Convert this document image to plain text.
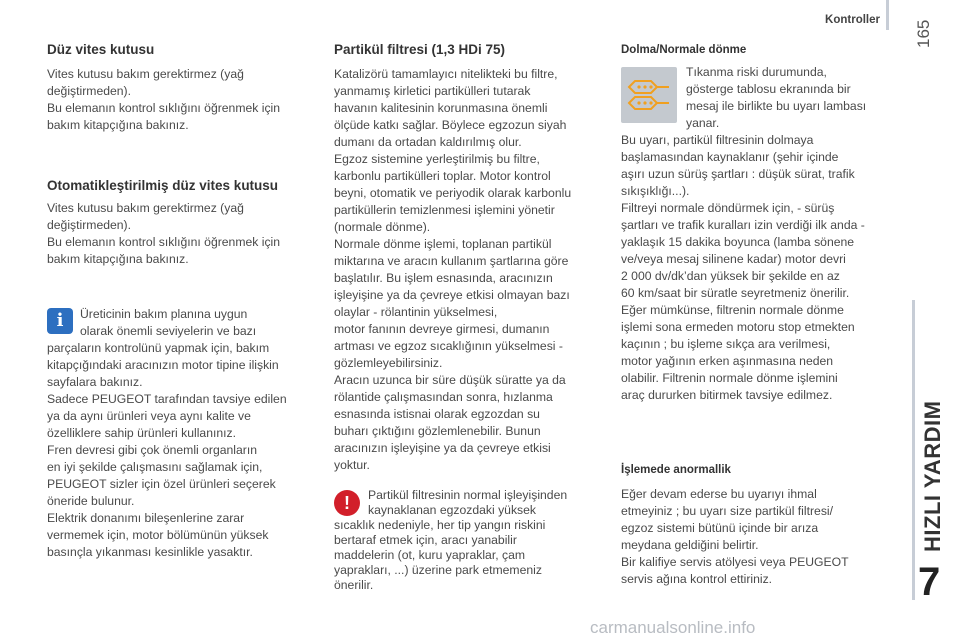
Kontroller 165
Düz vites kutusu
Vites kutusu bakım gerektirmez (yağ
değiştirmeden).
Bu elemanın kontrol sıklığını öğrenmek için
bakım kitapçığına bakınız.
Otomatikleştirilmiş düz vites kutusu
Vites kutusu bakım gerektirmez (yağ
değiştirmeden).
Bu elemanın kontrol sıklığını öğrenmek için
bakım kitapçığına bakınız.
i	Üreticinin bakım planına uygun
olarak önemli seviyelerin ve bazı
parçaların kontrolünü yapmak için, bakım
kitapçığındaki aracınızın motor tipine ilişkin
sayfalara bakınız.
Sadece PEUGEOT tarafından tavsiye edilen
ya da aynı ürünleri veya aynı kalite ve
özelliklere sahip ürünleri kullanınız.
Fren devresi gibi çok önemli organların
en iyi şekilde çalışmasını sağlamak için,
PEUGEOT sizler için özel ürünleri seçerek
öneride bulunur.
Elektrik donanımı bileşenlerine zarar
vermemek için, motor bölümünün yüksek
basınçla yıkanması kesinlikle yasaktır.
Partikül filtresi (1,3 HDi 75)
Katalizörü tamamlayıcı nitelikteki bu filtre,
yanmamış kirletici partikülleri tutarak
havanın kalitesinin korunmasına önemli
ölçüde katkı sağlar. Böylece egzozun siyah
dumanı da ortadan kaldırılmış olur.
Egzoz sistemine yerleştirilmiş bu filtre,
karbonlu partikülleri toplar. Motor kontrol
beyni, otomatik ve periyodik olarak karbonlu
partiküllerin temizlenmesi işlemini yönetir
(normale dönme).
Normale dönme işlemi, toplanan partikül
miktarına ve aracın kullanım şartlarına göre
başlatılır. Bu işlem esnasında, aracınızın
işleyişine ya da çevreye etkisi olmayan bazı
olaylar - rölantinin yükselmesi,
motor fanının devreye girmesi, dumanın
artması ve egzoz sıcaklığının yükselmesi -
gözlemleyebilirsiniz.
Aracın uzunca bir süre düşük süratte ya da
rölantide çalışmasından sonra, hızlanma
esnasında istisnai olarak egzozdan su
buharı çıktığını gözlemlenebilir. Bunun
aracınızın işleyişine ya da çevreye etkisi
yoktur.
!	Partikül filtresinin normal işleyişinden
kaynaklanan egzozdaki yüksek
sıcaklık nedeniyle, her tip yangın riskini
bertaraf etmek için, aracı yanabilir
maddelerin (ot, kuru yapraklar, çam
yaprakları, ...) üzerine park etmemeniz
önerilir.
Dolma/Normale dönme
Tıkanma riski durumunda,
gösterge tablosu ekranında bir
mesaj ile birlikte bu uyarı lambası
yanar.
Bu uyarı, partikül filtresinin dolmaya
başlamasından kaynaklanır (şehir içinde
aşırı uzun sürüş şartları : düşük sürat, trafik
sıkışıklığı...).
Filtreyi normale döndürmek için, - sürüş
şartları ve trafik kuralları izin verdiği ilk anda -
yaklaşık 15 dakika boyunca (lamba sönene
ve/veya mesaj silinene kadar) motor devri
2 000 dv/dk’dan yüksek bir şekilde en az
60 km/saat bir süratle seyretmeniz önerilir.
Eğer mümkünse, filtrenin normale dönme
işlemi sona ermeden motoru stop etmekten
kaçının ; bu işleme sıkça ara verilmesi,
motor yağının erken aşınmasına neden
olabilir. Filtrenin normale dönme işlemini
araç dururken bitirmek tavsiye edilmez.
İşlemede anormallik
Eğer devam ederse bu uyarıyı ihmal
etmeyiniz ; bu uyarı size partikül filtresi/
egzoz sistemi bütünü içinde bir arıza
meydana geldiğini belirtir.
Bir kalifiye servis atölyesi veya PEUGEOT
servis ağına kontrol ettiriniz.
HIZLI YARDIM
7
carmanualsonline.info
